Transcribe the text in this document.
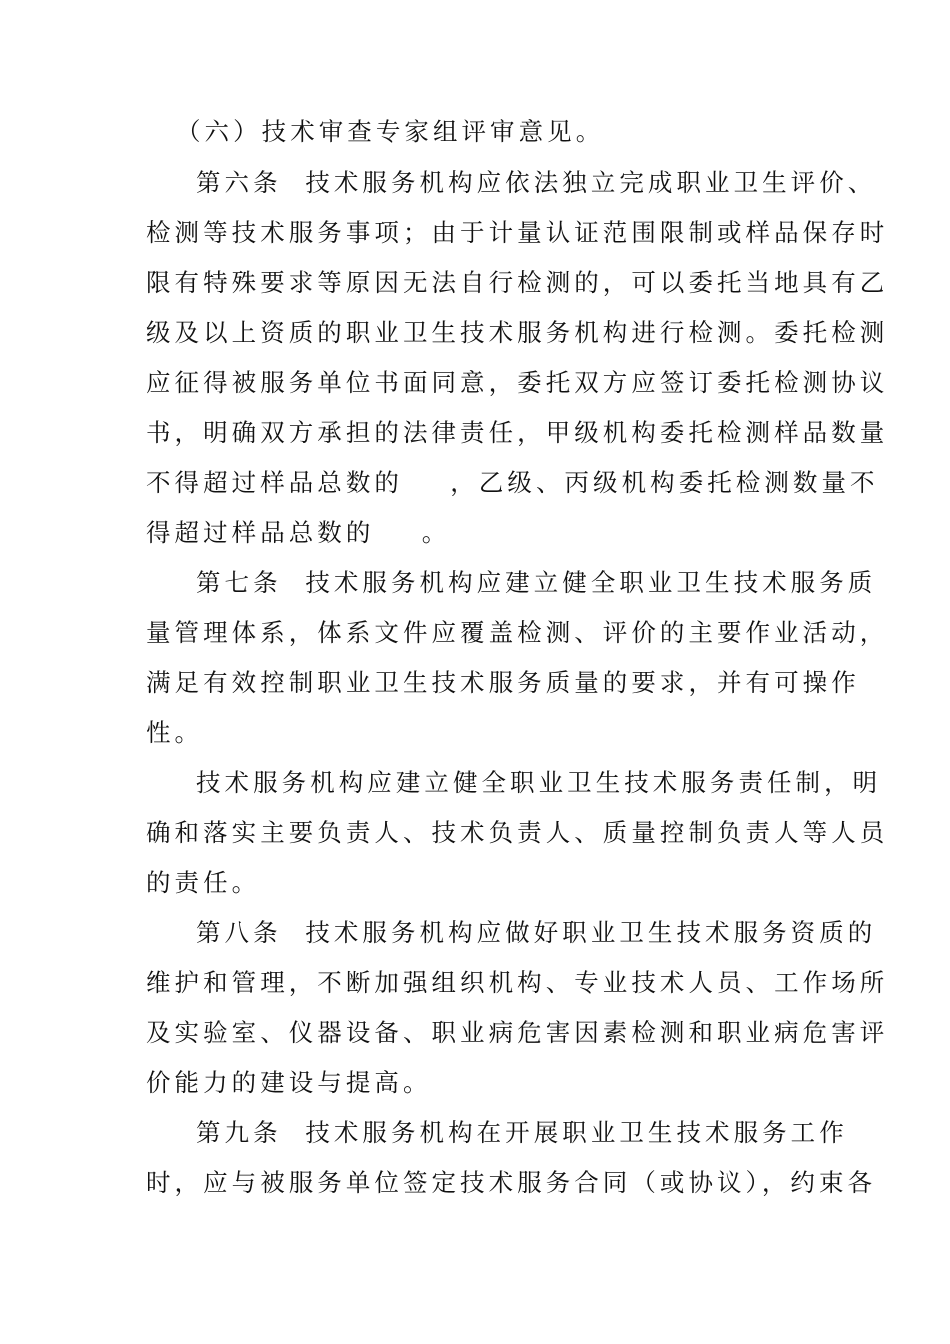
（六）技术审查专家组评审意见。
第六条  技术服务机构应依法独立完成职业卫生评价、
检测等技术服务事项；由于计量认证范围限制或样品保存时
限有特殊要求等原因无法自行检测的，可以委托当地具有乙
级及以上资质的职业卫生技术服务机构进行检测。委托检测
应征得被服务单位书面同意，委托双方应签订委托检测协议
书，明确双方承担的法律责任，甲级机构委托检测样品数量
不得超过样品总数的    ，乙级、丙级机构委托检测数量不
得超过样品总数的    。
第七条  技术服务机构应建立健全职业卫生技术服务质
量管理体系，体系文件应覆盖检测、评价的主要作业活动，
满足有效控制职业卫生技术服务质量的要求，并有可操作
性。
技术服务机构应建立健全职业卫生技术服务责任制，明
确和落实主要负责人、技术负责人、质量控制负责人等人员
的责任。
第八条  技术服务机构应做好职业卫生技术服务资质的
维护和管理，不断加强组织机构、专业技术人员、工作场所
及实验室、仪器设备、职业病危害因素检测和职业病危害评
价能力的建设与提高。
第九条  技术服务机构在开展职业卫生技术服务工作
时，应与被服务单位签定技术服务合同（或协议），约束各
